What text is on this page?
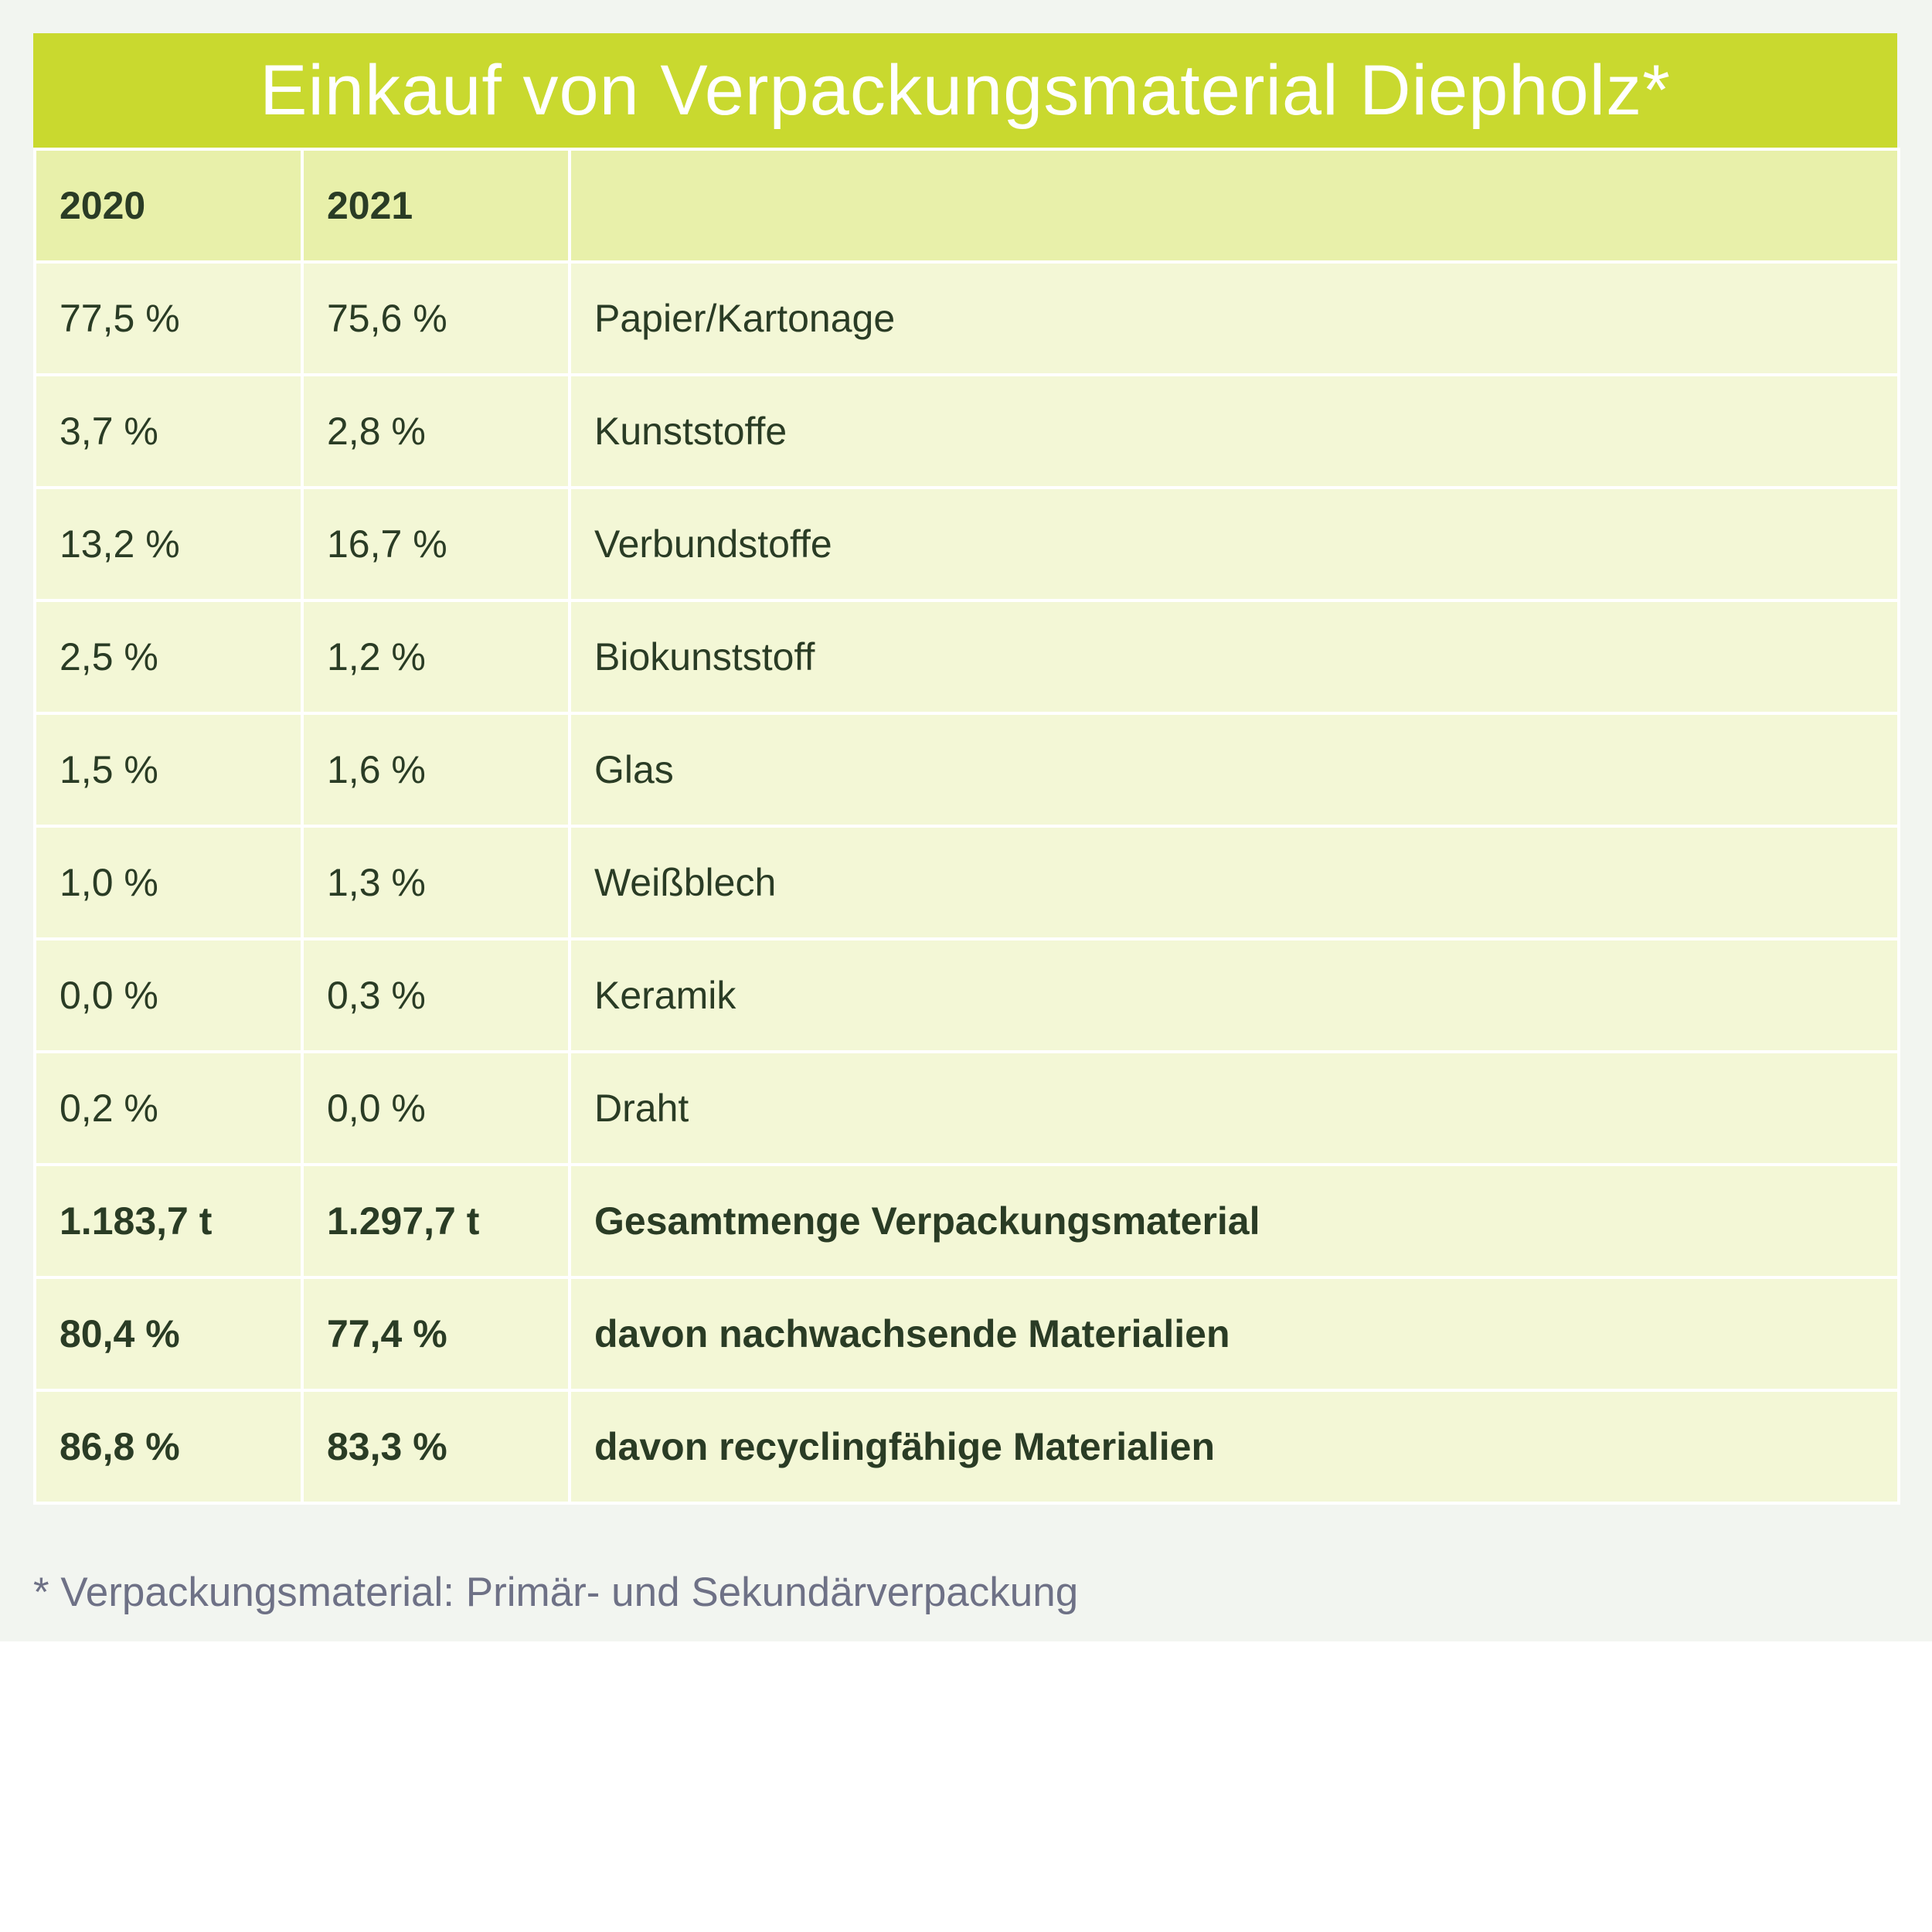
Einkauf von Verpackungsmaterial Diepholz*
2020	2021	
77,5 %	75,6 %	Papier/Kartonage
3,7 %	2,8 %	Kunststoffe
13,2 %	16,7 %	Verbundstoffe
2,5 %	1,2 %	Biokunststoff
1,5 %	1,6 %	Glas
1,0 %	1,3 %	Weißblech
0,0 %	0,3 %	Keramik
0,2 %	0,0 %	Draht
1.183,7 t	1.297,7 t	Gesamtmenge Verpackungsmaterial
80,4 %	77,4 %	davon nachwachsende Materialien
86,8 %	83,3 %	davon recyclingfähige Materialien
* Verpackungsmaterial: Primär- und Sekundärverpackung
